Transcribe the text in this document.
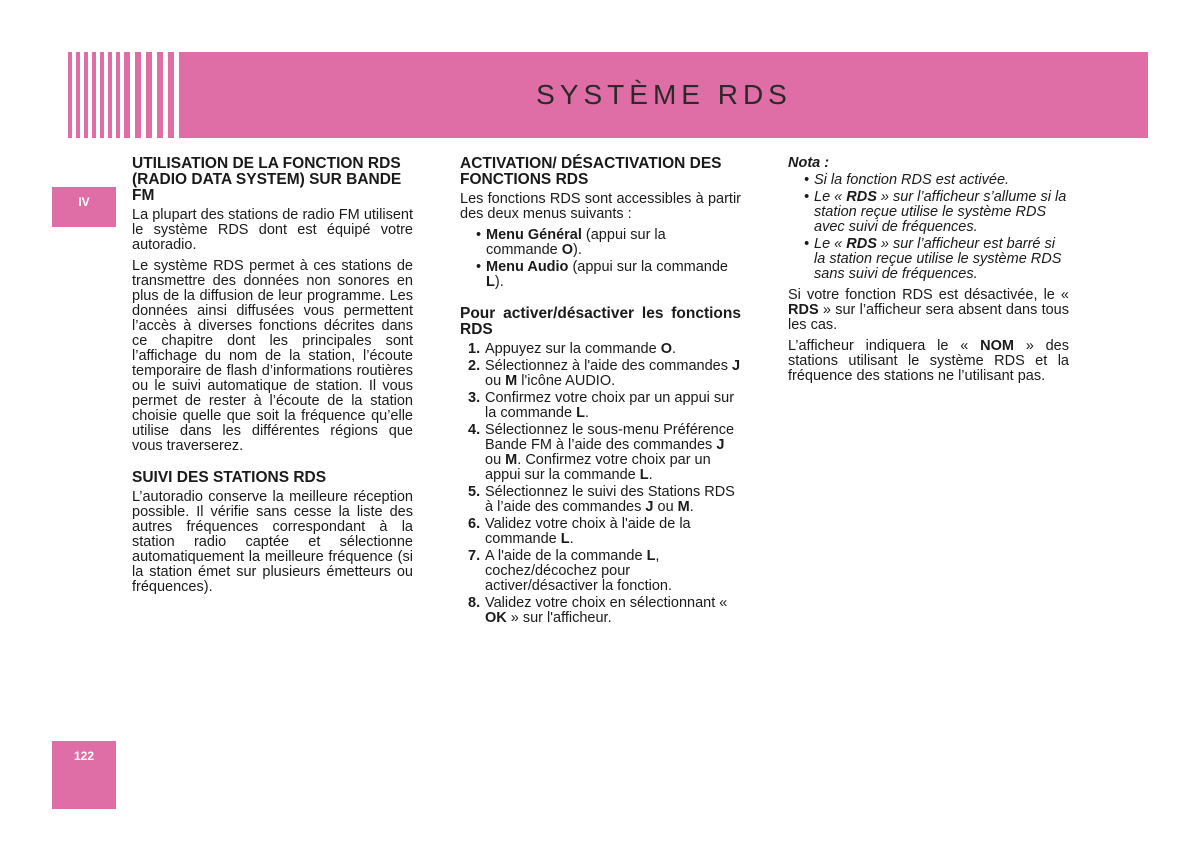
SYSTÈME RDS
IV
122
UTILISATION DE LA FONCTION RDS (RADIO DATA SYSTEM) SUR BANDE FM

La plupart des stations de radio FM utilisent le système RDS dont est équipé votre autoradio.

Le système RDS permet à ces stations de transmettre des données non sonores en plus de la diffusion de leur programme. Les données ainsi diffusées vous permettent l’accès à diverses fonctions décrites dans ce chapitre dont les principales sont l’affichage du nom de la station, l’écoute temporaire de flash d’informations routières ou le suivi automatique de station. Il vous permet de rester à l’écoute de la station choisie quelle que soit la fréquence qu’elle utilise dans les différentes régions que vous traverserez.

SUIVI DES STATIONS RDS

L’autoradio conserve la meilleure réception possible. Il vérifie sans cesse la liste des autres fréquences correspondant à la station radio captée et sélectionne automatiquement la meilleure fréquence (si la station émet sur plusieurs émetteurs ou fréquences).

ACTIVATION/ DÉSACTIVATION DES FONCTIONS RDS

Les fonctions RDS sont accessibles à partir des deux menus suivants :

• Menu Général (appui sur la commande O).
• Menu Audio (appui sur la commande L).
Pour activer/désactiver les fonctions RDS
1. Appuyez sur la commande O.
2. Sélectionnez à l'aide des commandes J ou M l'icône AUDIO.
3. Confirmez votre choix par un appui sur la commande L.
4. Sélectionnez le sous-menu Préférence Bande FM à l’aide des commandes J ou M. Confirmez votre choix par un appui sur la commande L.
5. Sélectionnez le suivi des Stations RDS à l’aide des commandes J ou M.
6. Validez votre choix à l'aide de la commande L.
7. A l'aide de la commande L, cochez/décochez pour activer/désactiver la fonction.
8. Validez votre choix en sélectionnant « OK » sur l'afficheur.
Nota :
• Si la fonction RDS est activée.
• Le « RDS » sur l’afficheur s’allume si la station reçue utilise le système RDS avec suivi de fréquences.
• Le « RDS » sur l’afficheur est barré si la station reçue utilise le système RDS sans suivi de fréquences.

Si votre fonction RDS est désactivée, le « RDS » sur l’afficheur sera absent dans tous les cas.

L’afficheur indiquera le « NOM » des stations utilisant le système RDS et la fréquence des stations ne l’utilisant pas.
